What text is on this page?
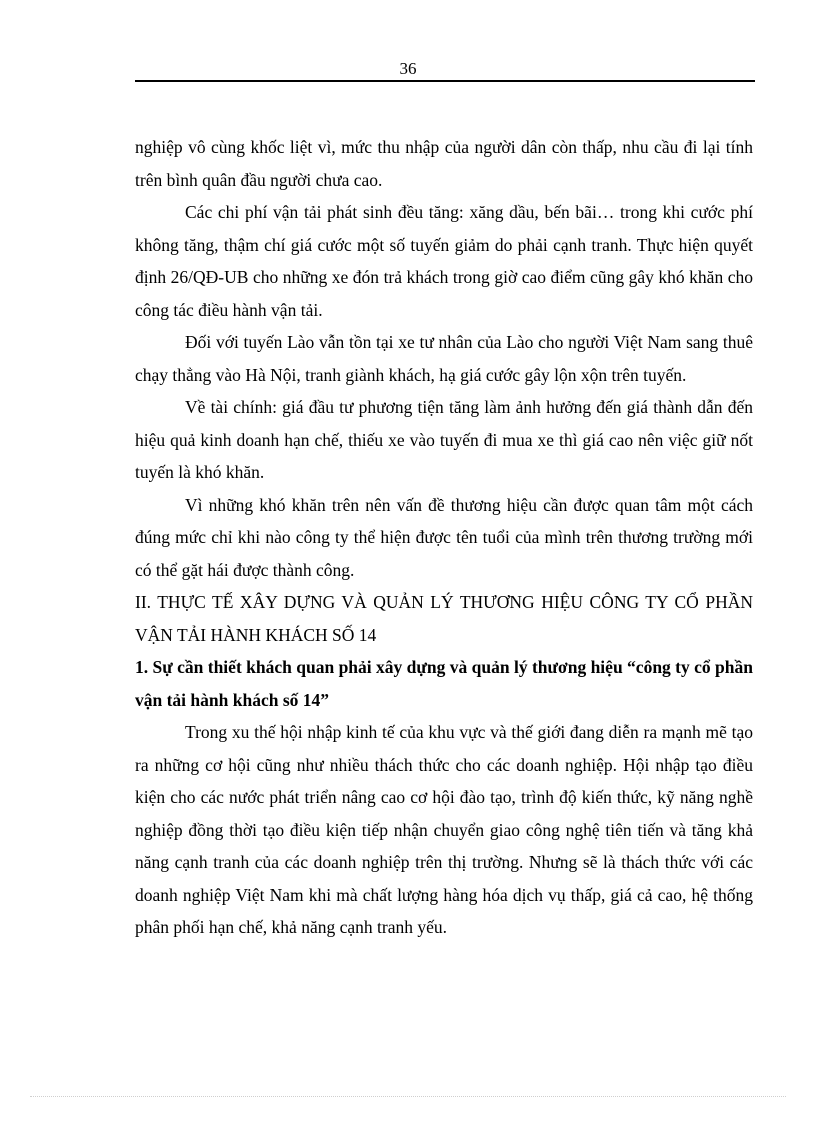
36

nghiệp vô cùng khốc liệt vì, mức thu nhập của người dân còn thấp, nhu cầu đi lại tính trên bình quân đầu người chưa cao.

Các chi phí vận tải phát sinh đều tăng: xăng dầu, bến bãi… trong khi cước phí không tăng, thậm chí giá cước một số tuyến giảm do phải cạnh tranh. Thực hiện quyết định 26/QĐ-UB cho những xe đón trả khách trong giờ cao điểm cũng gây khó khăn cho công tác điều hành vận tải.

Đối với tuyến Lào vẫn tồn tại xe tư nhân của Lào cho người Việt Nam sang thuê chạy thẳng vào Hà Nội, tranh giành khách, hạ giá cước gây lộn xộn trên tuyến.

Về tài chính: giá đầu tư phương tiện tăng làm ảnh hưởng đến giá thành dẫn đến hiệu quả kinh doanh hạn chế, thiếu xe vào tuyến đi mua xe thì giá cao nên việc giữ nốt tuyến là khó khăn.

Vì những khó khăn trên nên vấn đề thương hiệu cần được quan tâm một cách đúng mức chỉ khi nào công ty thể hiện được tên tuổi của mình trên thương trường mới có thể gặt hái được thành công.

II. THỰC TẾ XÂY DỰNG VÀ QUẢN LÝ THƯƠNG HIỆU CÔNG TY CỔ PHẦN VẬN TẢI HÀNH KHÁCH SỐ 14
1. Sự cần thiết khách quan phải xây dựng và quản lý thương hiệu “công ty cổ phần vận tải hành khách số 14”

Trong xu thế hội nhập kinh tế của khu vực và thế giới đang diễn ra mạnh mẽ tạo ra những cơ hội cũng như nhiều thách thức cho các doanh nghiệp. Hội nhập tạo điều kiện cho các nước phát triển nâng cao cơ hội đào tạo, trình độ kiến thức, kỹ năng nghề nghiệp đồng thời tạo điều kiện tiếp nhận chuyển giao công nghệ tiên tiến và tăng khả năng cạnh tranh của các doanh nghiệp trên thị trường. Nhưng sẽ là thách thức với các doanh nghiệp Việt Nam khi mà chất lượng hàng hóa dịch vụ thấp, giá cả cao, hệ thống phân phối hạn chế, khả năng cạnh tranh yếu.
